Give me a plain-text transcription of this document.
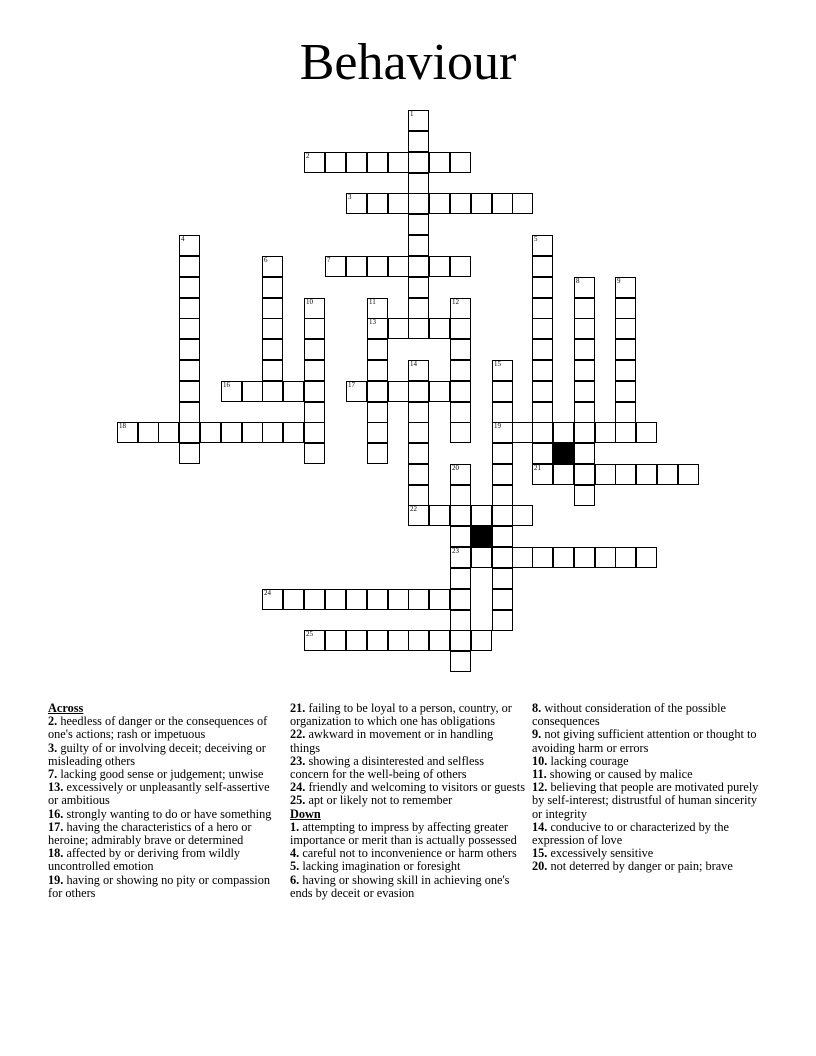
Behaviour
1
2
3
4	5
6	7
8	9
10	11	12
13
14	15
16	17
18	19
20	21
22
23
24
25

Across

2. heedless of danger or the consequences of one's actions; rash or impetuous

3. guilty of or involving deceit; deceiving or misleading others

7. lacking good sense or judgement; unwise

13. excessively or unpleasantly self-assertive or ambitious

16. strongly wanting to do or have something

17. having the characteristics of a hero or heroine; admirably brave or determined

18. affected by or deriving from wildly uncontrolled emotion

19. having or showing no pity or compassion for others

21. failing to be loyal to a person, country, or organization to which one has obligations

22. awkward in movement or in handling things

23. showing a disinterested and selfless concern for the well-being of others

24. friendly and welcoming to visitors or guests

25. apt or likely not to remember

Down

1. attempting to impress by affecting greater importance or merit than is actually possessed

4. careful not to inconvenience or harm others

5. lacking imagination or foresight

6. having or showing skill in achieving one's ends by deceit or evasion

8. without consideration of the possible consequences

9. not giving sufficient attention or thought to avoiding harm or errors

10. lacking courage

11. showing or caused by malice

12. believing that people are motivated purely by self-interest; distrustful of human sincerity or integrity

14. conducive to or characterized by the expression of love

15. excessively sensitive

20. not deterred by danger or pain; brave
